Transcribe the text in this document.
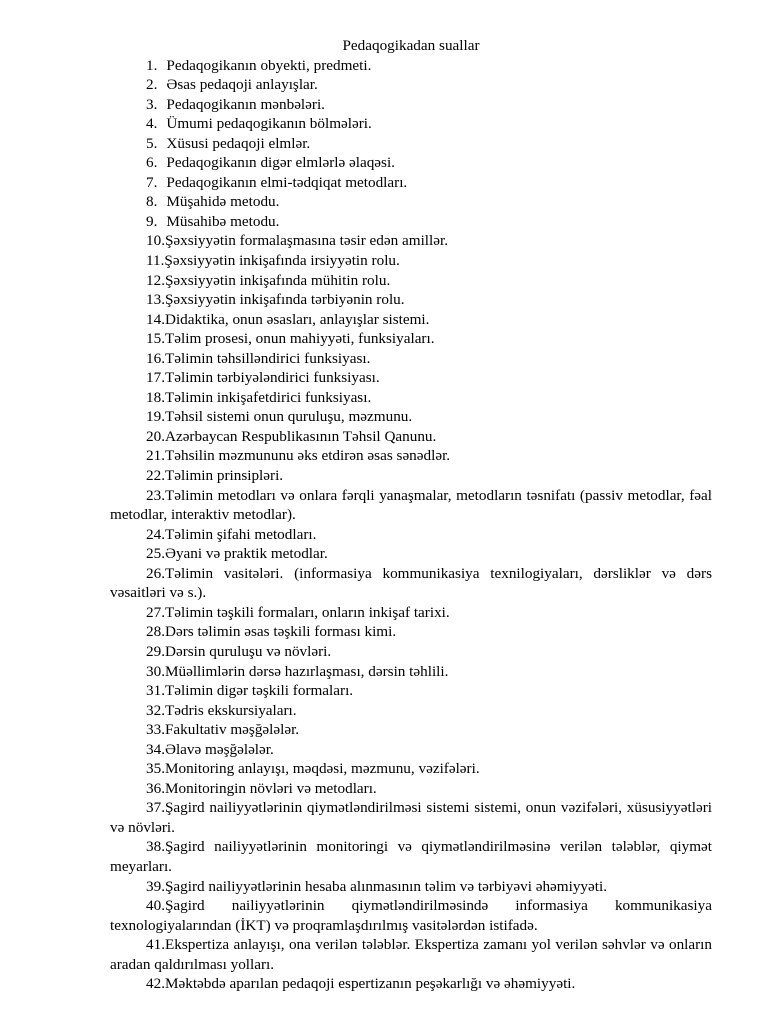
Pedaqogikadan suallar
1. Pedaqogikanın obyekti, predmeti.
2. Əsas pedaqoji anlayışlar.
3. Pedaqogikanın mənbələri.
4. Ümumi pedaqogikanın bölmələri.
5. Xüsusi pedaqoji elmlər.
6. Pedaqogikanın digər elmlərlə əlaqəsi.
7. Pedaqogikanın elmi-tədqiqat metodları.
8. Müşahidə metodu.
9. Müsahibə metodu.
10.Şəxsiyyətin formalaşmasına təsir edən amillər.
11.Şəxsiyyətin inkişafında irsiyyətin rolu.
12.Şəxsiyyətin inkişafında mühitin rolu.
13.Şəxsiyyətin inkişafında tərbiyənin rolu.
14.Didaktika, onun əsasları, anlayışlar sistemi.
15.Təlim prosesi, onun mahiyyəti, funksiyaları.
16.Təlimin təhsilləndirici funksiyası.
17.Təlimin tərbiyələndirici funksiyası.
18.Təlimin inkişafetdirici funksiyası.
19.Təhsil sistemi onun quruluşu, məzmunu.
20.Azərbaycan Respublikasının Təhsil Qanunu.
21.Təhsilin məzmununu əks etdirən əsas sənədlər.
22.Təlimin prinsipləri.
23.Təlimin metodları və onlara fərqli yanaşmalar, metodların təsnifatı (passiv metodlar, fəal metodlar, interaktiv metodlar).
24.Təlimin şifahi metodları.
25.Əyani və praktik metodlar.
26.Təlimin vasitələri. (informasiya kommunikasiya texnilogiyaları, dərsliklər və dərs vəsaitləri və s.).
27.Təlimin təşkili formaları, onların inkişaf tarixi.
28.Dərs təlimin əsas təşkili forması kimi.
29.Dərsin quruluşu və növləri.
30.Müəllimlərin dərsə hazırlaşması, dərsin təhlili.
31.Təlimin digər təşkili formaları.
32.Tədris ekskursiyaları.
33.Fakultativ məşğələlər.
34.Əlavə məşğələlər.
35.Monitoring anlayışı, məqdəsi, məzmunu, vəzifələri.
36.Monitoringin növləri və metodları.
37.Şagird nailiyyətlərinin qiymətləndirilməsi sistemi sistemi, onun vəzifələri, xüsusiyyətləri və növləri.
38.Şagird nailiyyətlərinin monitoringi və qiymətləndirilməsinə verilən tələblər, qiymət meyarları.
39.Şagird nailiyyətlərinin hesaba alınmasının təlim və tərbiyəvi əhəmiyyəti.
40.Şagird nailiyyətlərinin qiymətləndirilməsində informasiya kommunikasiya texnologiyalarından (İKT) və proqramlaşdırılmış vasitələrdən istifadə.
41.Ekspertiza anlayışı, ona verilən tələblər. Ekspertiza zamanı yol verilən səhvlər və onların aradan qaldırılması yolları.
42.Məktəbdə aparılan pedaqoji espertizanın peşəkarlığı və əhəmiyyəti.
